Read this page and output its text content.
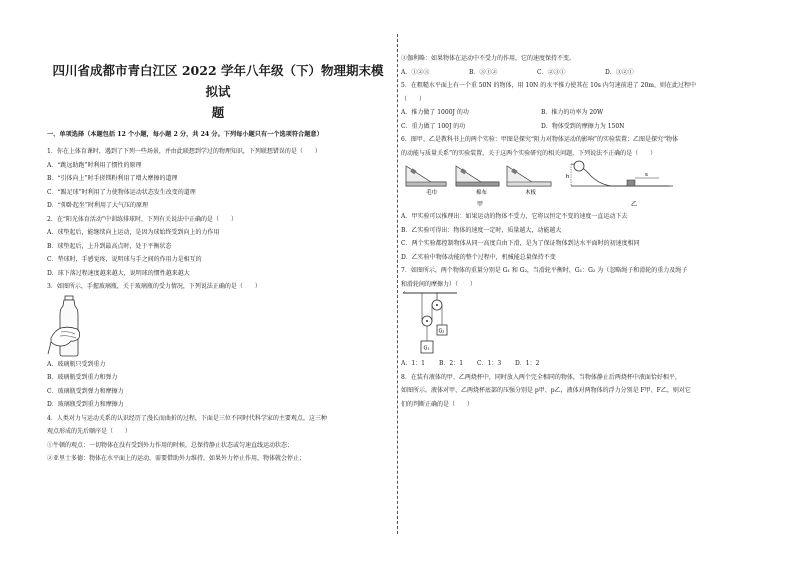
四川省成都市青白江区 2022 学年八年级（下）物理期末模拟试
题

一、单项选择（本题包括 12 个小题，每小题 2 分，共 24 分。下列每小题只有一个选项符合题意）

1．你在上体育课时，遇到了下列一些场景，并由此联想到学过的物理知识，下列联想错误的是（　　）

A．“跳远助跑”时利用了惯性的原理

B．“引体向上”时手搓镁粉利用了增大摩擦的道理

C．“踢足球”时利用了力使物体运动状态发生改变的道理

D．“仰卧起坐”时利用了大气压的原理

2．在“阳光体育活动”中训练排球时，下列有关说法中正确的是（　　）

A．球垫起后，能继续向上运动，是因为球始终受到向上的力作用

B．球垫起后，上升到最高点时，处于平衡状态

C．垫球时，手感觉疼，说明球与手之间的作用力是相互的

D．球下落过程速度越来越大，说明球的惯性越来越大

3．如图所示，手握玻璃瓶，关于玻璃瓶的受力情况，下列说法正确的是（　　）

A．玻璃瓶只受到重力

B．玻璃瓶受到重力和弹力

C．玻璃瓶受到弹力和摩擦力

D．玻璃瓶受到重力和摩擦力

4．人类对力与运动关系的认识经历了漫长而曲折的过程，下面是三位不同时代科学家的主要观点。这三种

观点形成的先后顺序是（　　）

①牛顿的观点：一切物体在没有受到外力作用的时候，总保持静止状态或匀速直线运动状态；

②亚里士多德：物体在水平面上的运动，需要借助外力维持，如果外力停止作用，物体就会停止；

③伽利略：如果物体在运动中不受力的作用，它的速度保持不变。

A．①②③	B．③①②	C．②③①	D．③②①

5．在粗糙水平面上有一个重 50N 的物体，用 10N 的水平推力使其在 10s 内匀速前进了 20m，则在此过程中

（　　）

A．推力做了 1000J 的功	B．推力的功率为 20W
C．重力做了 100J 的功	D．物体受到的摩擦力为 150N

6．图甲、乙是教科书上的两个实验：甲图是探究“阻力对物体运动的影响”的实验装置；乙图是探究“物体

的动能与质量关系”的实验装置，关于这两个实验研究的相关问题，下列说法不正确的是（　　）

毛巾	棉布	木板
甲
h	s
乙

A．甲实验可以推理出：如果运动的物体不受力，它将以恒定不变的速度一直运动下去

B．乙实验可得出：物体的速度一定时，质量越大，动能越大

C．两个实验都控制物体从同一高度自由下滑，是为了保证物体到达水平面时的初速度相同

D．乙实验中物体动能的整个过程中，机械能总量保持不变

7．如图所示，两个物体的重量分别是 G₁ 和 G₂，当滑轮平衡时，G₁：G₂ 为（忽略绳子和滑轮的重力及绳子

和滑轮间的摩擦力）（　　）

G₂
G₁
A．1：1	B．2：1	C．1：3	D．1：2

8．在装有液体的甲、乙两烧杯中，同时放入两个完全相同的物体，当物体静止后两烧杯中液面恰好相平，

如图所示。液体对甲、乙两烧杯底部的压强分别是 p甲、p乙，液体对两物体的浮力分别是 F甲、F乙，则对它

们的判断正确的是（　　）
